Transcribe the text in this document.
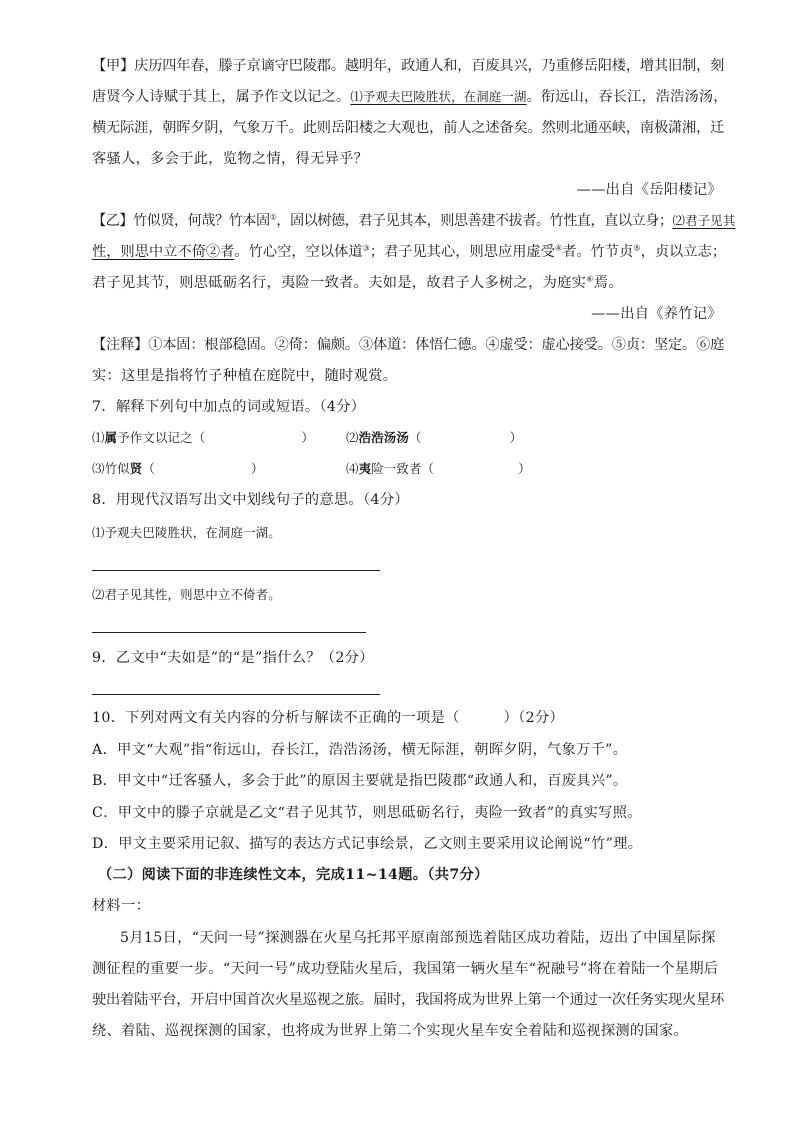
【甲】庆历四年春，滕子京谪守巴陵郡。越明年，政通人和，百废具兴，乃重修岳阳楼，增其旧制，刻
唐贤今人诗赋于其上，属予作文以记之。⑴予观夫巴陵胜状，在洞庭一湖。衔远山，吞长江，浩浩汤汤，
横无际涯，朝晖夕阴，气象万千。此则岳阳楼之大观也，前人之述备矣。然则北通巫峡，南极潇湘，迁
客骚人，多会于此，览物之情，得无异乎？
——出自《岳阳楼记》
【乙】竹似贤，何哉？竹本固①，固以树德，君子见其本，则思善建不拔者。竹性直，直以立身；⑵君子见其
性，则思中立不倚②者。竹心空，空以体道③；君子见其心，则思应用虚受④者。竹节贞⑤，贞以立志；
君子见其节，则思砥砺名行，夷险一致者。夫如是，故君子人多树之，为庭实⑥焉。
——出自《养竹记》
【注释】①本固：根部稳固。②倚：偏颇。③体道：体悟仁德。④虚受：虚心接受。⑤贞：坚定。⑥庭
实：这里是指将竹子种植在庭院中，随时观赏。
7．解释下列句中加点的词或短语。（4分）
⑴属予作文以记之（	）	⑵浩浩汤汤（	）
⑶竹似贤（	）	⑷夷险一致者（	）
8．用现代汉语写出文中划线句子的意思。（4分）
⑴予观夫巴陵胜状，在洞庭一湖。
⑵君子见其性，则思中立不倚者。
9．乙文中“夫如是”的“是”指什么？（2分）
10．下列对两文有关内容的分析与解读不正确的一项是（	）（2分）
A．甲文“大观”指“衔远山，吞长江，浩浩汤汤，横无际涯，朝晖夕阴，气象万千”。
B．甲文中“迁客骚人，多会于此”的原因主要就是指巴陵郡“政通人和，百废具兴”。
C．甲文中的滕子京就是乙文“君子见其节，则思砥砺名行，夷险一致者”的真实写照。
D．甲文主要采用记叙、描写的表达方式记事绘景，乙文则主要采用议论阐说“竹”理。
（二）阅读下面的非连续性文本，完成11~14题。（共7分）
材料一：
5月15日，“天问一号”探测器在火星乌托邦平原南部预选着陆区成功着陆，迈出了中国星际探
测征程的重要一步。“天问一号”成功登陆火星后，我国第一辆火星车“祝融号”将在着陆一个星期后
驶出着陆平台，开启中国首次火星巡视之旅。届时，我国将成为世界上第一个通过一次任务实现火星环
绕、着陆、巡视探测的国家，也将成为世界上第二个实现火星车安全着陆和巡视探测的国家。
